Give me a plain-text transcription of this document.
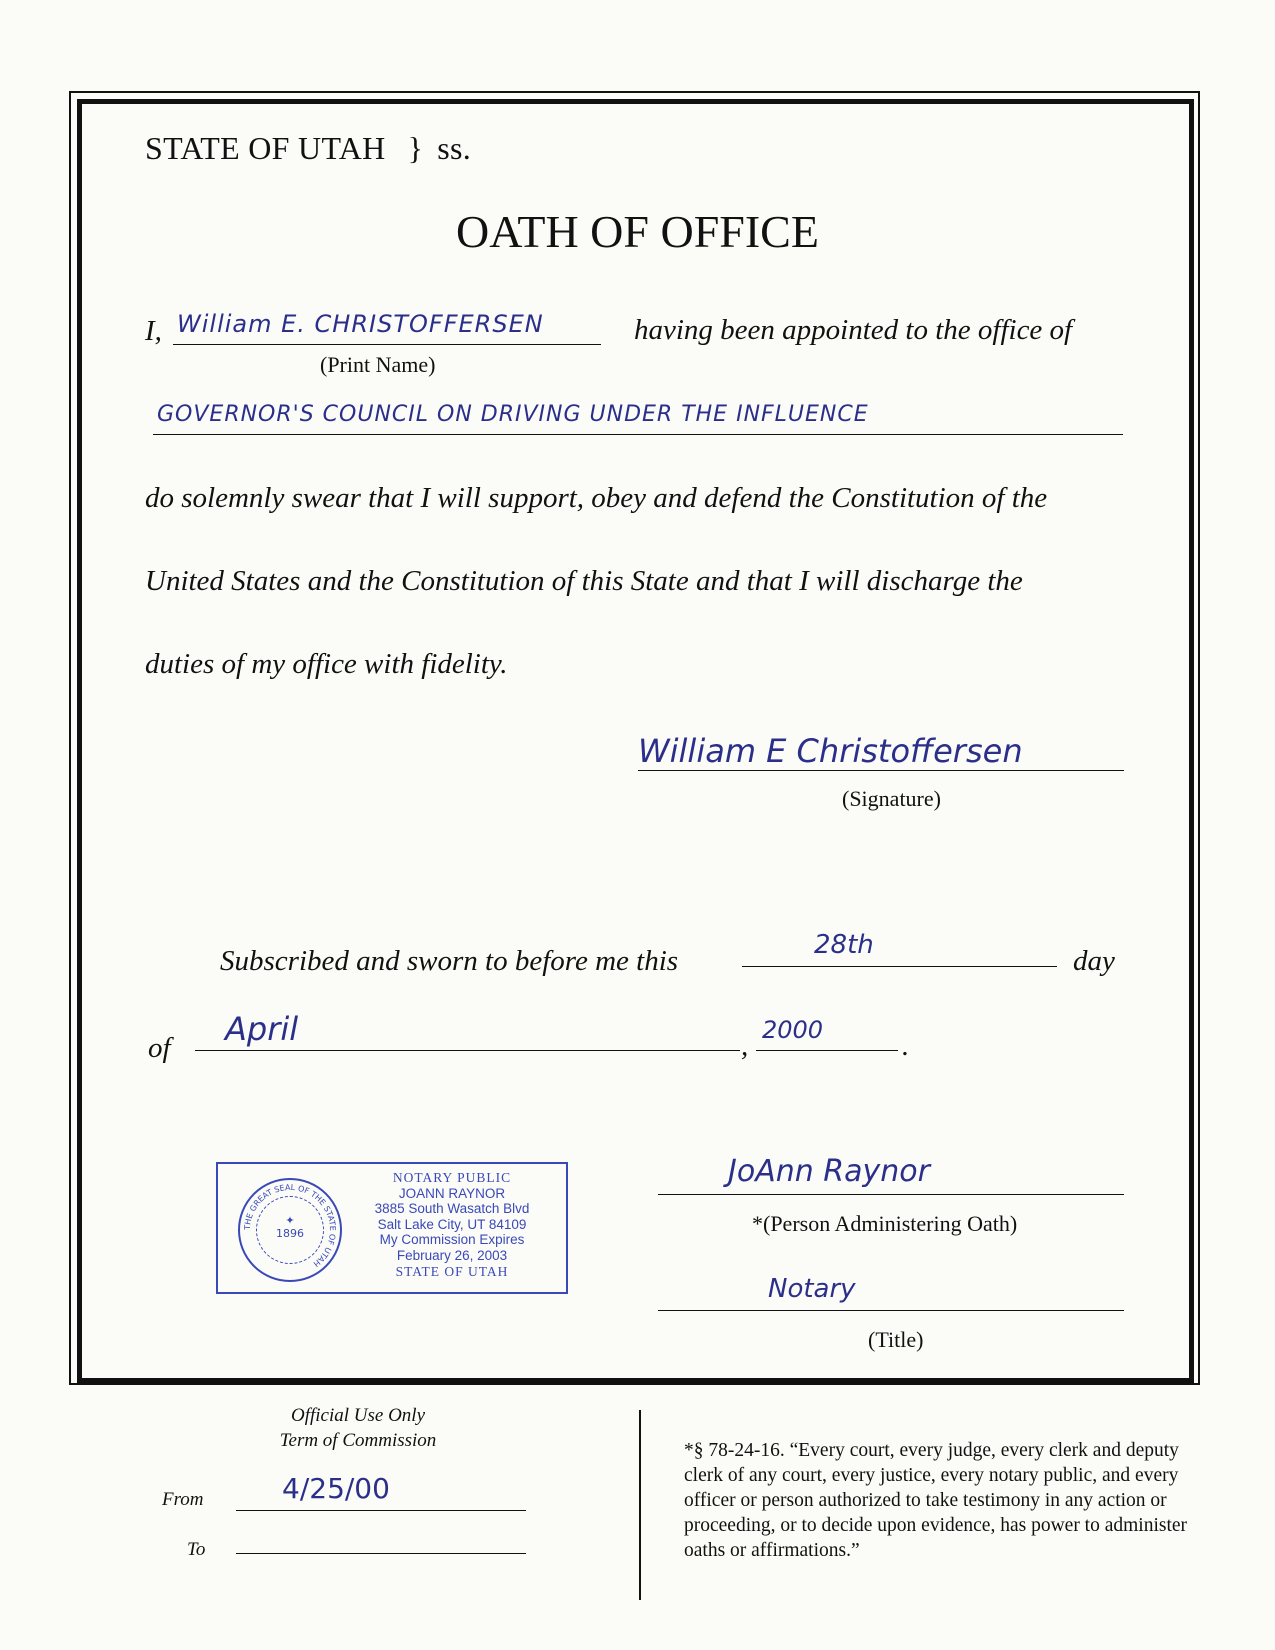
STATE OF UTAH } ss.
OATH OF OFFICE
I, William E. CHRISTOFFERSEN
(Print Name)
having been appointed to the office of
GOVERNOR'S COUNCIL ON DRIVING UNDER THE INFLUENCE
do solemnly swear that I will support, obey and defend the Constitution of the
United States and the Constitution of this State and that I will discharge the
duties of my office with fidelity.
William E Christoffersen
(Signature)
Subscribed and sworn to before me this	28th	day
of April	, 2000	.
✦
1896
THE GREAT SEAL OF THE STATE OF UTAH
NOTARY PUBLIC
JOANN RAYNOR
3885 South Wasatch Blvd
Salt Lake City, UT 84109
My Commission Expires
February 26, 2003
STATE OF UTAH
JoAnn Raynor
*(Person Administering Oath)
Notary
(Title)
Official Use Only
Term of Commission
From	4/25/00
To
*§ 78-24-16. “Every court, every judge, every clerk and deputy clerk of any court, every justice, every notary public, and every officer or person authorized to take testimony in any action or proceeding, or to decide upon evidence, has power to administer oaths or affirmations.”
